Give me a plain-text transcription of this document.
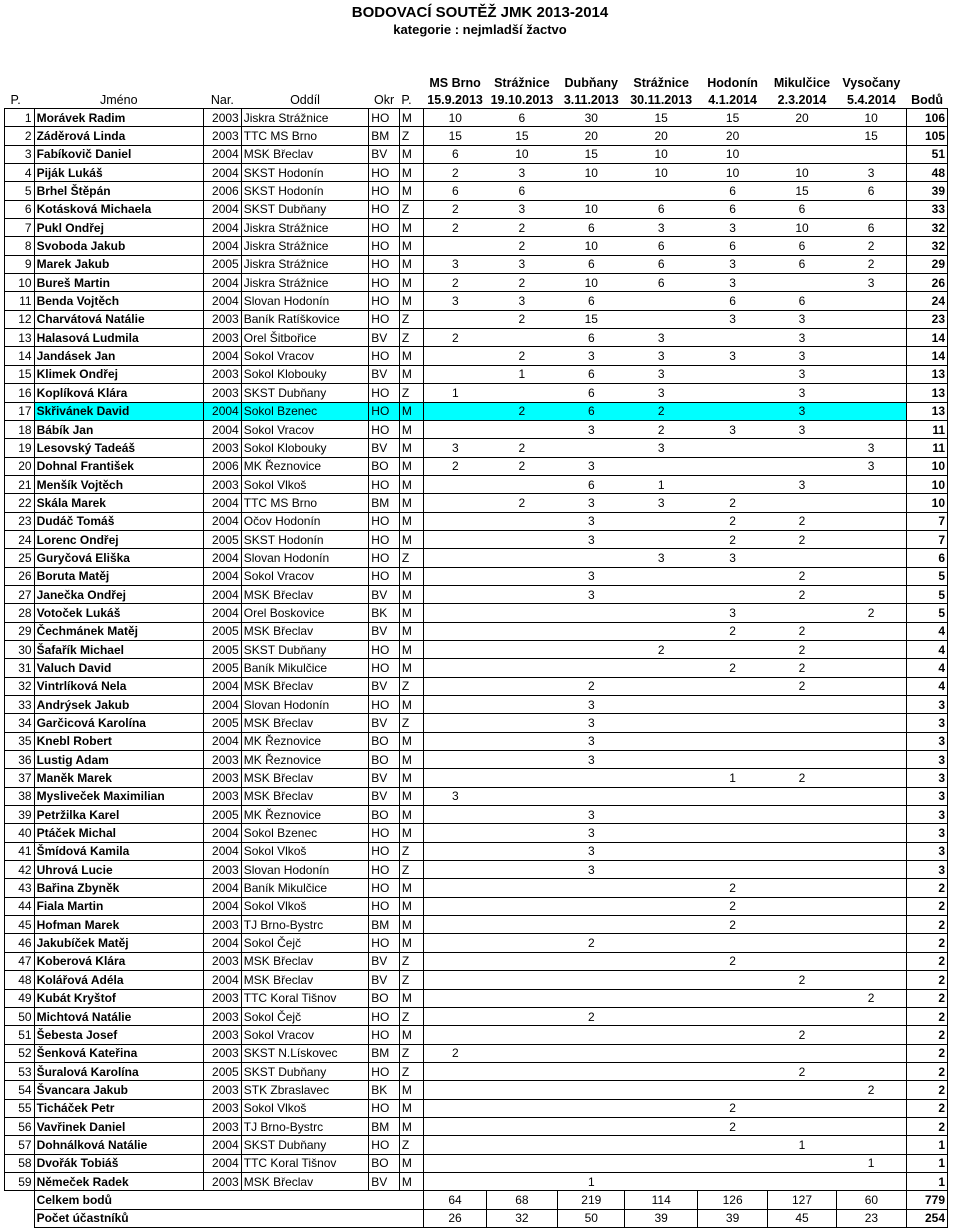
BODOVACÍ SOUTĚŽ JMK 2013-2014
kategorie : nejmladší žactvo
						MS Brno	Strážnice	Dubňany	Strážnice	Hodonín	Mikulčice	Vysočany	
P.	Jméno	Nar.	Oddíl	Okr	P.	15.9.2013	19.10.2013	3.11.2013	30.11.2013	4.1.2014	2.3.2014	5.4.2014	Bodů
1	Morávek Radim	2003	Jiskra Strážnice	HO	M	10	6	30	15	15	20	10	106
2	Záděrová Linda	2003	TTC MS Brno	BM	Z	15	15	20	20	20		15	105
3	Fabíkovič Daniel	2004	MSK Břeclav	BV	M	6	10	15	10	10			51
4	Piják Lukáš	2004	SKST Hodonín	HO	M	2	3	10	10	10	10	3	48
5	Brhel Štěpán	2006	SKST Hodonín	HO	M	6	6			6	15	6	39
6	Kotásková Michaela	2004	SKST Dubňany	HO	Z	2	3	10	6	6	6		33
7	Pukl Ondřej	2004	Jiskra Strážnice	HO	M	2	2	6	3	3	10	6	32
8	Svoboda Jakub	2004	Jiskra Strážnice	HO	M		2	10	6	6	6	2	32
9	Marek Jakub	2005	Jiskra Strážnice	HO	M	3	3	6	6	3	6	2	29
10	Bureš Martin	2004	Jiskra Strážnice	HO	M	2	2	10	6	3		3	26
11	Benda Vojtěch	2004	Slovan Hodonín	HO	M	3	3	6		6	6		24
12	Charvátová Natálie	2003	Baník Ratíškovice	HO	Z		2	15		3	3		23
13	Halasová Ludmila	2003	Orel Šitbořice	BV	Z	2		6	3		3		14
14	Jandásek Jan	2004	Sokol Vracov	HO	M		2	3	3	3	3		14
15	Klimek Ondřej	2003	Sokol Klobouky	BV	M		1	6	3		3		13
16	Koplíková Klára	2003	SKST Dubňany	HO	Z	1		6	3		3		13
17	Skřivánek David	2004	Sokol Bzenec	HO	M		2	6	2		3		13
18	Bábík Jan	2004	Sokol Vracov	HO	M			3	2	3	3		11
19	Lesovský Tadeáš	2003	Sokol Klobouky	BV	M	3	2		3			3	11
20	Dohnal František	2006	MK Řeznovice	BO	M	2	2	3				3	10
21	Menšík Vojtěch	2003	Sokol Vlkoš	HO	M			6	1		3		10
22	Skála Marek	2004	TTC MS Brno	BM	M		2	3	3	2			10
23	Dudáč Tomáš	2004	Očov Hodonín	HO	M			3		2	2		7
24	Lorenc Ondřej	2005	SKST Hodonín	HO	M			3		2	2		7
25	Guryčová Eliška	2004	Slovan Hodonín	HO	Z				3	3			6
26	Boruta Matěj	2004	Sokol Vracov	HO	M			3			2		5
27	Janečka Ondřej	2004	MSK Břeclav	BV	M			3			2		5
28	Votoček Lukáš	2004	Orel Boskovice	BK	M					3		2	5
29	Čechmánek Matěj	2005	MSK Břeclav	BV	M					2	2		4
30	Šafařík Michael	2005	SKST Dubňany	HO	M				2		2		4
31	Valuch David	2005	Baník Mikulčice	HO	M					2	2		4
32	Vintrlíková Nela	2004	MSK Břeclav	BV	Z			2			2		4
33	Andrýsek Jakub	2004	Slovan Hodonín	HO	M			3					3
34	Garčicová Karolína	2005	MSK Břeclav	BV	Z			3					3
35	Knebl Robert	2004	MK Řeznovice	BO	M			3					3
36	Lustig Adam	2003	MK Řeznovice	BO	M			3					3
37	Maněk Marek	2003	MSK Břeclav	BV	M					1	2		3
38	Mysliveček Maximilian	2003	MSK Břeclav	BV	M	3							3
39	Petržilka Karel	2005	MK Řeznovice	BO	M			3					3
40	Ptáček Michal	2004	Sokol Bzenec	HO	M			3					3
41	Šmídová Kamila	2004	Sokol Vlkoš	HO	Z			3					3
42	Uhrová Lucie	2003	Slovan Hodonín	HO	Z			3					3
43	Bařina Zbyněk	2004	Baník Mikulčice	HO	M					2			2
44	Fiala Martin	2004	Sokol Vlkoš	HO	M					2			2
45	Hofman Marek	2003	TJ Brno-Bystrc	BM	M					2			2
46	Jakubíček Matěj	2004	Sokol Čejč	HO	M			2					2
47	Koberová Klára	2003	MSK Břeclav	BV	Z					2			2
48	Kolářová Adéla	2004	MSK Břeclav	BV	Z						2		2
49	Kubát Kryštof	2003	TTC Koral Tišnov	BO	M							2	2
50	Michtová Natálie	2003	Sokol Čejč	HO	Z			2					2
51	Šebesta Josef	2003	Sokol Vracov	HO	M						2		2
52	Šenková Kateřina	2003	SKST N.Lískovec	BM	Z	2							2
53	Šuralová Karolína	2005	SKST Dubňany	HO	Z						2		2
54	Švancara Jakub	2003	STK Zbraslavec	BK	M							2	2
55	Ticháček Petr	2003	Sokol Vlkoš	HO	M					2			2
56	Vavřinek Daniel	2003	TJ Brno-Bystrc	BM	M					2			2
57	Dohnálková Natálie	2004	SKST Dubňany	HO	Z						1		1
58	Dvořák Tobiáš	2004	TTC Koral Tišnov	BO	M							1	1
59	Němeček Radek	2003	MSK Břeclav	BV	M			1					1
	Celkem bodů					64	68	219	114	126	127	60	779
	Počet účastníků					26	32	50	39	39	45	23	254
